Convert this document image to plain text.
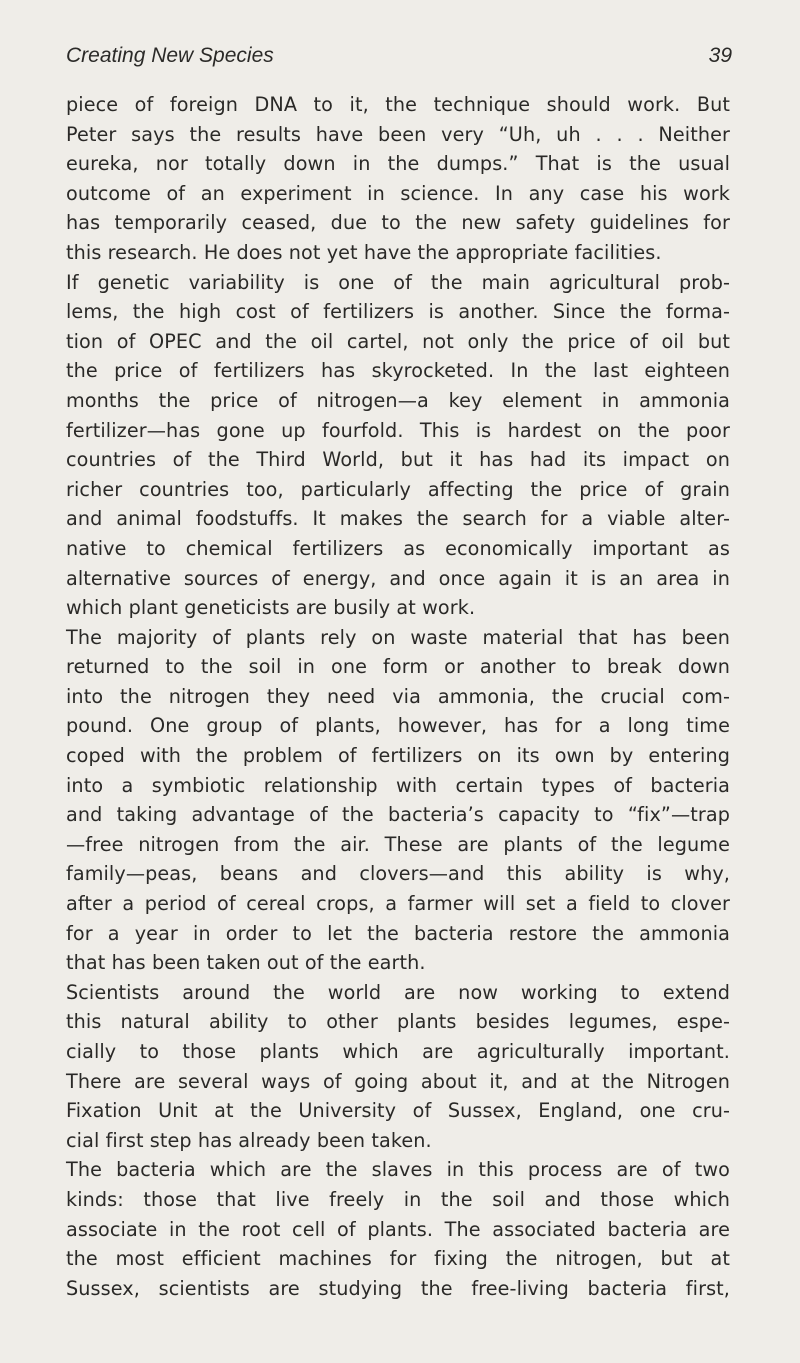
Creating New Species	39

piece of foreign DNA to it, the technique should work. But
Peter says the results have been very “Uh, uh . . . Neither
eureka, nor totally down in the dumps.” That is the usual
outcome of an experiment in science. In any case his work
has temporarily ceased, due to the new safety guidelines for
this research. He does not yet have the appropriate facilities.

If genetic variability is one of the main agricultural prob-
lems, the high cost of fertilizers is another. Since the forma-
tion of OPEC and the oil cartel, not only the price of oil but
the price of fertilizers has skyrocketed. In the last eighteen
months the price of nitrogen—a key element in ammonia
fertilizer—has gone up fourfold. This is hardest on the poor
countries of the Third World, but it has had its impact on
richer countries too, particularly affecting the price of grain
and animal foodstuffs. It makes the search for a viable alter-
native to chemical fertilizers as economically important as
alternative sources of energy, and once again it is an area in
which plant geneticists are busily at work.

The majority of plants rely on waste material that has been
returned to the soil in one form or another to break down
into the nitrogen they need via ammonia, the crucial com-
pound. One group of plants, however, has for a long time
coped with the problem of fertilizers on its own by entering
into a symbiotic relationship with certain types of bacteria
and taking advantage of the bacteria’s capacity to “fix”—trap
—free nitrogen from the air. These are plants of the legume
family—peas, beans and clovers—and this ability is why,
after a period of cereal crops, a farmer will set a field to clover
for a year in order to let the bacteria restore the ammonia
that has been taken out of the earth.

Scientists around the world are now working to extend
this natural ability to other plants besides legumes, espe-
cially to those plants which are agriculturally important.
There are several ways of going about it, and at the Nitrogen
Fixation Unit at the University of Sussex, England, one cru-
cial first step has already been taken.

The bacteria which are the slaves in this process are of two
kinds: those that live freely in the soil and those which
associate in the root cell of plants. The associated bacteria are
the most efficient machines for fixing the nitrogen, but at
Sussex, scientists are studying the free-living bacteria first,
